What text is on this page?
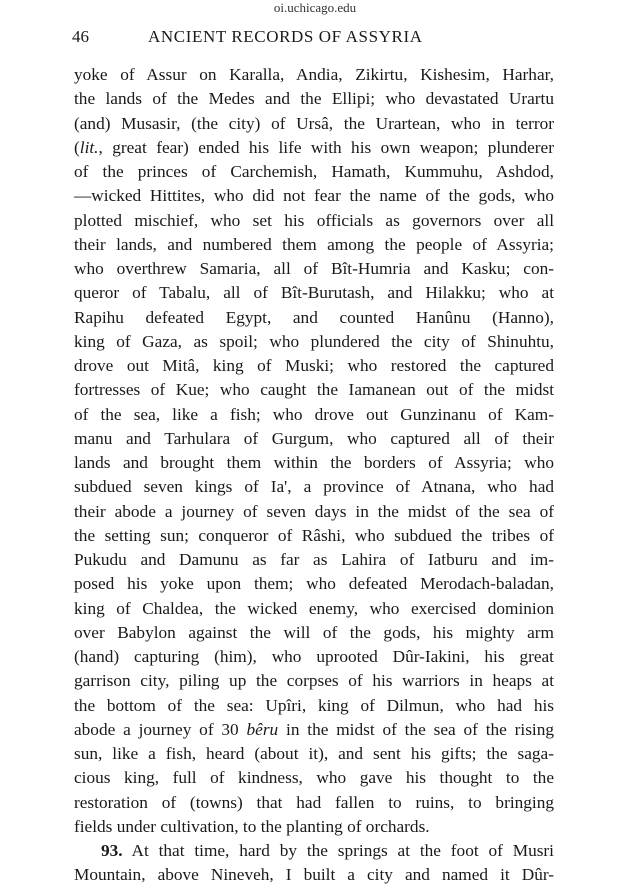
oi.uchicago.edu
46	ANCIENT RECORDS OF ASSYRIA
yoke of Assur on Karalla, Andia, Zikirtu, Kishesim, Harhar,
the lands of the Medes and the Ellipi; who devastated Urartu
(and) Musasir, (the city) of Ursâ, the Urartean, who in terror
(lit., great fear) ended his life with his own weapon; plunderer
of the princes of Carchemish, Hamath, Kummuhu, Ashdod,
—wicked Hittites, who did not fear the name of the gods, who
plotted mischief, who set his officials as governors over all
their lands, and numbered them among the people of Assyria;
who overthrew Samaria, all of Bît-Humria and Kasku; con-
queror of Tabalu, all of Bît-Burutash, and Hilakku; who at
Rapihu defeated Egypt, and counted Hanûnu (Hanno),
king of Gaza, as spoil; who plundered the city of Shinuhtu,
drove out Mitâ, king of Muski; who restored the captured
fortresses of Kue; who caught the Iamanean out of the midst
of the sea, like a fish; who drove out Gunzinanu of Kam-
manu and Tarhulara of Gurgum, who captured all of their
lands and brought them within the borders of Assyria; who
subdued seven kings of Ia', a province of Atnana, who had
their abode a journey of seven days in the midst of the sea of
the setting sun; conqueror of Râshi, who subdued the tribes of
Pukudu and Damunu as far as Lahira of Iatburu and im-
posed his yoke upon them; who defeated Merodach-baladan,
king of Chaldea, the wicked enemy, who exercised dominion
over Babylon against the will of the gods, his mighty arm
(hand) capturing (him), who uprooted Dûr-Iakini, his great
garrison city, piling up the corpses of his warriors in heaps at
the bottom of the sea: Upîri, king of Dilmun, who had his
abode a journey of 30 bêru in the midst of the sea of the rising
sun, like a fish, heard (about it), and sent his gifts; the saga-
cious king, full of kindness, who gave his thought to the
restoration of (towns) that had fallen to ruins, to bringing
fields under cultivation, to the planting of orchards.
93. At that time, hard by the springs at the foot of Musri
Mountain, above Nineveh, I built a city and named it Dûr-
